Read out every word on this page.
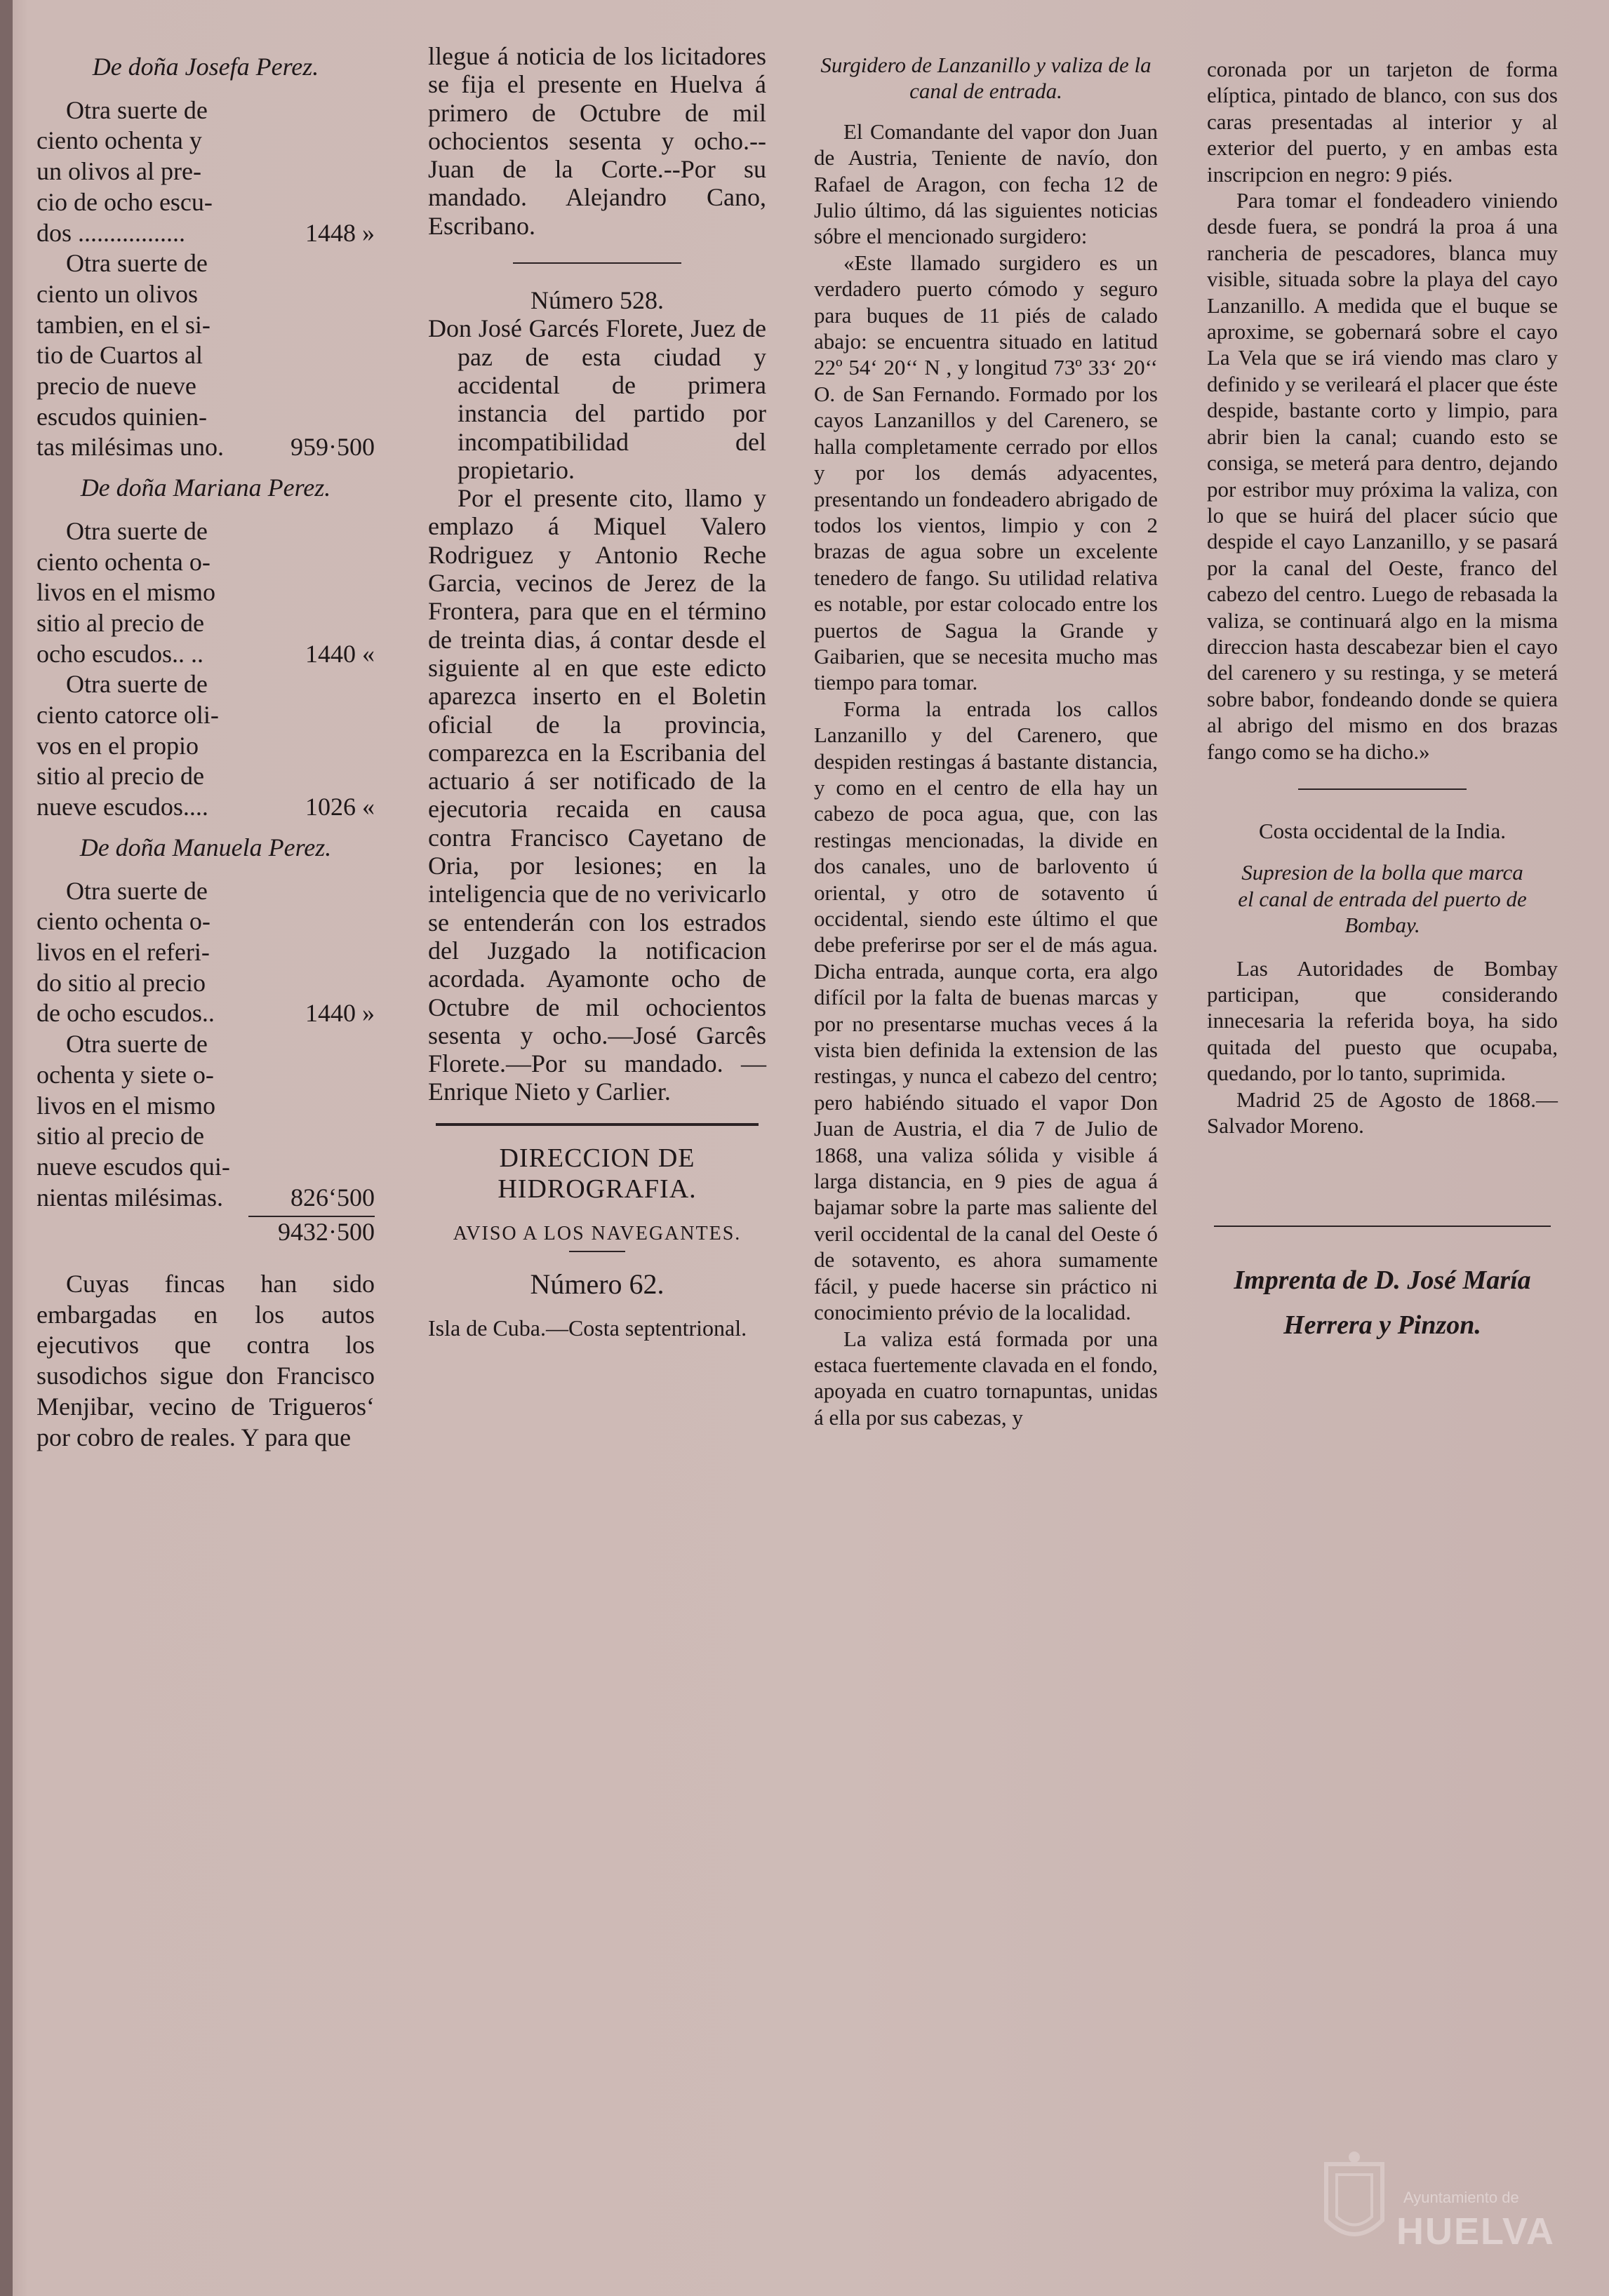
De doña Josefa Perez.

Otra suerte de

ciento ochenta y

un olivos al pre-

cio de ocho escu-

dos .................	1448 »

Otra suerte de

ciento un olivos

tambien, en el si-

tio de Cuartos al

precio de nueve

escudos quinien-

tas milésimas uno.	959·500
De doña Mariana Perez.

Otra suerte de

ciento ochenta o-

livos en el mismo

sitio al precio de

ocho escudos.. ..	1440 «

Otra suerte de

ciento catorce oli-

vos en el propio

sitio al precio de

nueve escudos....	1026 «
De doña Manuela Perez.

Otra suerte de

ciento ochenta o-

livos en el referi-

do sitio al precio

de ocho escudos..	1440 »

Otra suerte de

ochenta y siete o-

livos en el mismo

sitio al precio de

nueve escudos qui-

nientas milésimas.	826‘500
9432·500

Cuyas fincas han sido embargadas en los autos ejecutivos que contra los susodichos sigue don Francisco Menjibar, vecino de Trigueros‘ por cobro de reales. Y para que

llegue á noticia de los licitadores se fija el presente en Huelva á primero de Octubre de mil ochocientos sesenta y ocho.--Juan de la Corte.--Por su mandado. Alejandro Cano, Escribano.

Número 528.

Don José Garcés Florete, Juez de paz de esta ciudad y accidental de primera instancia del partido por incompatibilidad del propietario.

Por el presente cito, llamo y emplazo á Miquel Valero Rodriguez y Antonio Reche Garcia, vecinos de Jerez de la Frontera, para que en el término de treinta dias, á contar desde el siguiente al en que este edicto aparezca inserto en el Boletin oficial de la provincia, comparezca en la Escribania del actuario á ser notificado de la ejecutoria recaida en causa contra Francisco Cayetano de Oria, por lesiones; en la inteligencia que de no verivicarlo se entenderán con los estrados del Juzgado la notificacion acordada. Ayamonte ocho de Octubre de mil ochocientos sesenta y ocho.—José Garcês Florete.—Por su mandado. —Enrique Nieto y Carlier.

DIRECCION DE HIDROGRAFIA.
AVISO A LOS NAVEGANTES.
Número 62.

Isla de Cuba.—Costa septentrional.

Surgidero de Lanzanillo y valiza de la canal de entrada.

El Comandante del vapor don Juan de Austria, Teniente de navío, don Rafael de Aragon, con fecha 12 de Julio último, dá las siguientes noticias sóbre el mencionado surgidero:

«Este llamado surgidero es un verdadero puerto cómodo y seguro para buques de 11 piés de calado abajo: se encuentra situado en latitud 22º 54‘ 20‘‘ N , y longitud 73º 33‘ 20‘‘ O. de San Fernando. Formado por los cayos Lanzanillos y del Carenero, se halla completamente cerrado por ellos y por los demás adyacentes, presentando un fondeadero abrigado de todos los vientos, limpio y con 2 brazas de agua sobre un excelente tenedero de fango. Su utilidad relativa es notable, por estar colocado entre los puertos de Sagua la Grande y Gaibarien, que se necesita mucho mas tiempo para tomar.

Forma la entrada los callos Lanzanillo y del Carenero, que despiden restingas á bastante distancia, y como en el centro de ella hay un cabezo de poca agua, que, con las restingas mencionadas, la divide en dos canales, uno de barlovento ú oriental, y otro de sotavento ú occidental, siendo este último el que debe preferirse por ser el de más agua. Dicha entrada, aunque corta, era algo difícil por la falta de buenas marcas y por no presentarse muchas veces á la vista bien definida la extension de las restingas, y nunca el cabezo del centro; pero habiéndo situado el vapor Don Juan de Austria, el dia 7 de Julio de 1868, una valiza sólida y visible á larga distancia, en 9 pies de agua á bajamar sobre la parte mas saliente del veril occidental de la canal del Oeste ó de sotavento, es ahora sumamente fácil, y puede hacerse sin práctico ni conocimiento prévio de la localidad.

La valiza está formada por una estaca fuertemente clavada en el fondo, apoyada en cuatro tornapuntas, unidas á ella por sus cabezas, y

coronada por un tarjeton de forma elíptica, pintado de blanco, con sus dos caras presentadas al interior y al exterior del puerto, y en ambas esta inscripcion en negro: 9 piés.

Para tomar el fondeadero viniendo desde fuera, se pondrá la proa á una rancheria de pescadores, blanca muy visible, situada sobre la playa del cayo Lanzanillo. A medida que el buque se aproxime, se gobernará sobre el cayo La Vela que se irá viendo mas claro y definido y se verileará el placer que éste despide, bastante corto y limpio, para abrir bien la canal; cuando esto se consiga, se meterá para dentro, dejando por estribor muy próxima la valiza, con lo que se huirá del placer súcio que despide el cayo Lanzanillo, y se pasará por la canal del Oeste, franco del cabezo del centro. Luego de rebasada la valiza, se continuará algo en la misma direccion hasta descabezar bien el cayo del carenero y su restinga, y se meterá sobre babor, fondeando donde se quiera al abrigo del mismo en dos brazas fango como se ha dicho.»

Costa occidental de la India.
Supresion de la bolla que marca el canal de entrada del puerto de Bombay.

Las Autoridades de Bombay participan, que considerando innecesaria la referida boya, ha sido quitada del puesto que ocupaba, quedando, por lo tanto, suprimida.

Madrid 25 de Agosto de 1868.— Salvador Moreno.

Imprenta de D. José María
Herrera y Pinzon.
Ayuntamiento de
HUELVA
